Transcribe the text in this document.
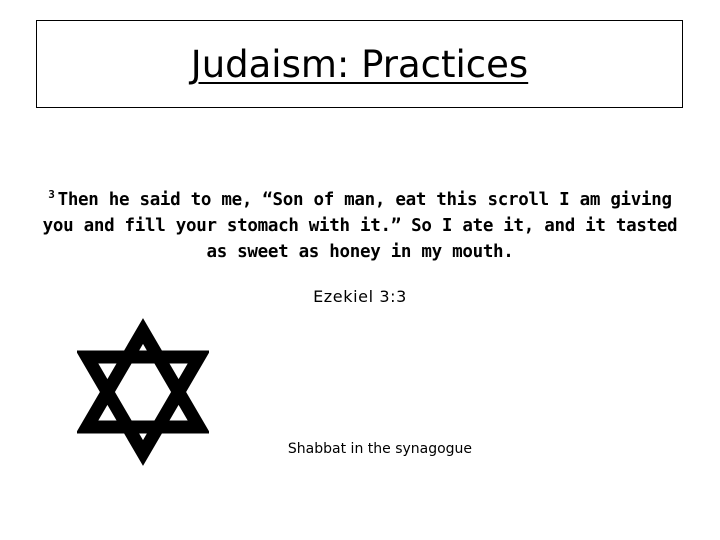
Judaism: Practices
$^3$ Then he said to me, “Son of man, eat this scroll I am giving you and fill your stomach with it.” So I ate it, and it tasted as sweet as honey in my mouth.
Ezekiel 3:3
Shabbat in the synagogue
